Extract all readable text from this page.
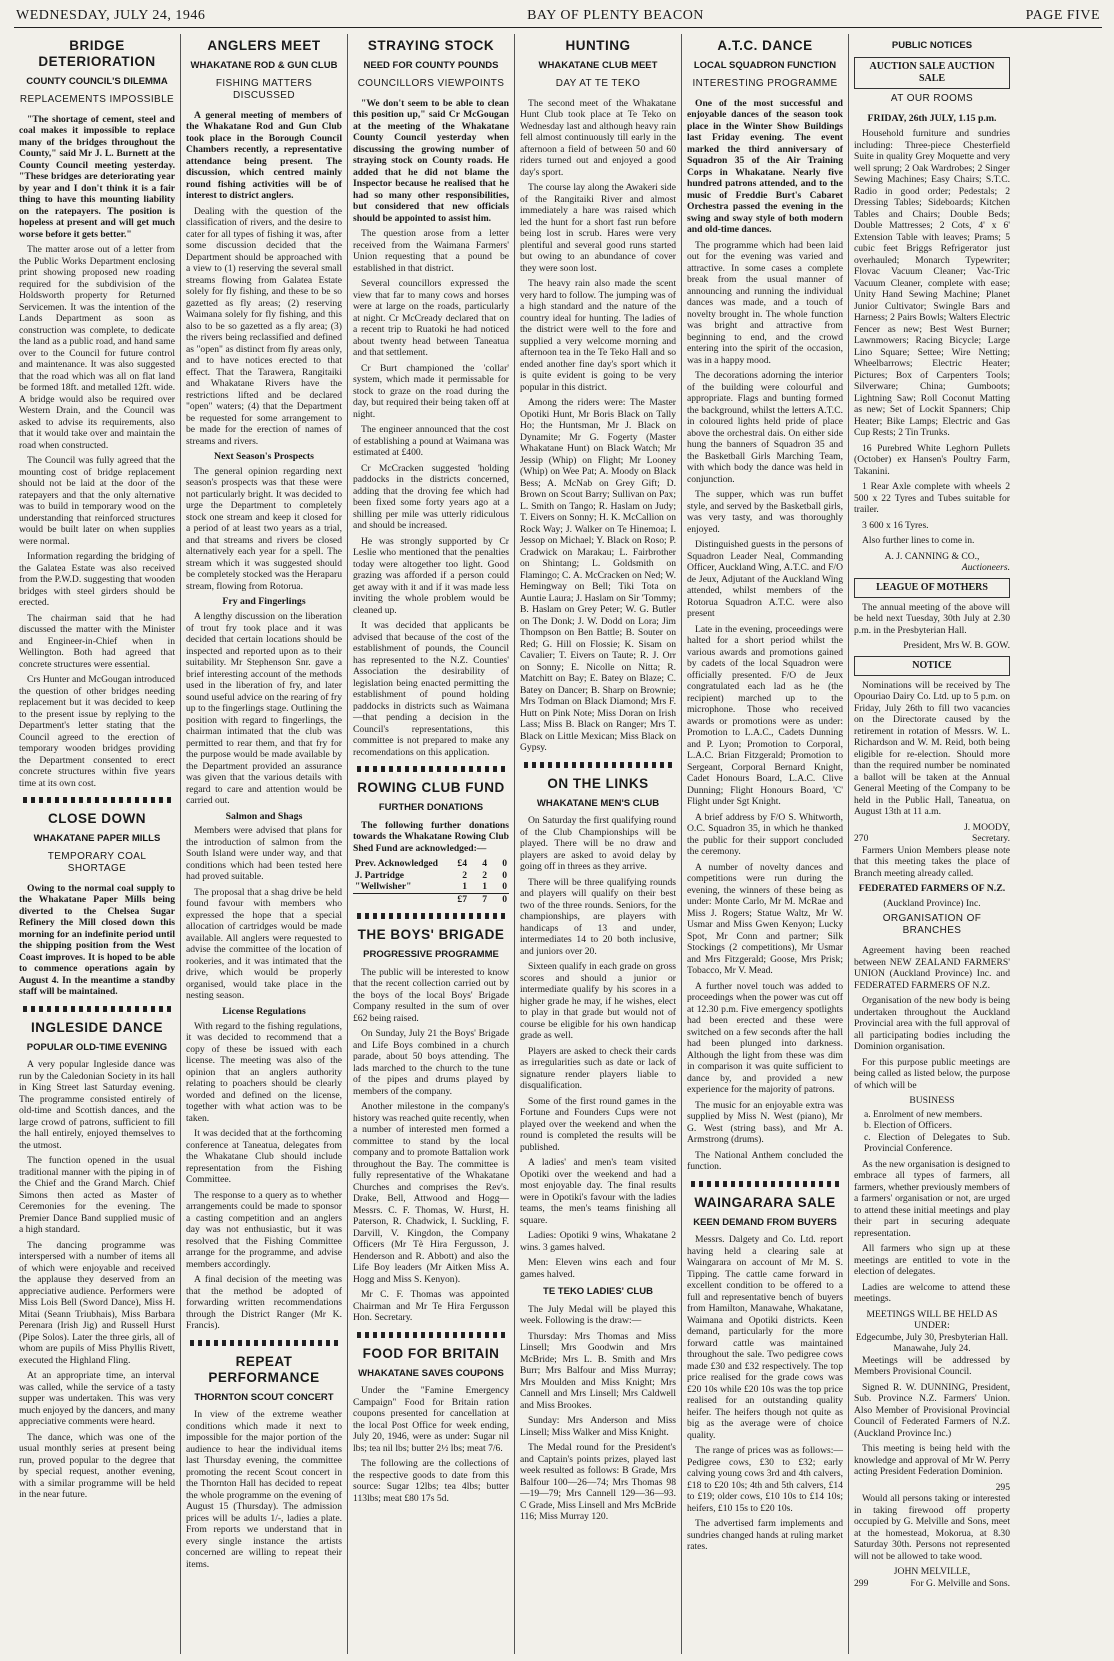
WEDNESDAY, JULY 24, 1946	BAY OF PLENTY BEACON	PAGE FIVE
BRIDGE DETERIORATION
COUNTY COUNCIL'S DILEMMA
REPLACEMENTS IMPOSSIBLE

"The shortage of cement, steel and coal makes it impossible to replace many of the bridges throughout the County," said Mr J. L. Burnett at the County Council meeting yesterday. "These bridges are deteriorating year by year and I don't think it is a fair thing to have this mounting liability on the ratepayers. The position is hopeless at present and will get much worse before it gets better."

The matter arose out of a letter from the Public Works Department enclosing print showing proposed new roading required for the subdivision of the Holdsworth property for Returned Servicemen. It was the intention of the Lands Department as soon as construction was complete, to dedicate the land as a public road, and hand same over to the Council for future control and maintenance. It was also suggested that the road which was all on flat land be formed 18ft. and metalled 12ft. wide. A bridge would also be required over Western Drain, and the Council was asked to advise its requirements, also that it would take over and maintain the road when constructed.

The Council was fully agreed that the mounting cost of bridge replacement should not be laid at the door of the ratepayers and that the only alternative was to build in temporary wood on the understanding that reinforced structures would be built later on when supplies were normal.

Information regarding the bridging of the Galatea Estate was also received from the P.W.D. suggesting that wooden bridges with steel girders should be erected.

The chairman said that he had discussed the matter with the Minister and Engineer-in-Chief when in Wellington. Both had agreed that concrete structures were essential.

Crs Hunter and McGougan introduced the question of other bridges needing replacement but it was decided to keep to the present issue by replying to the Department's letter stating that the Council agreed to the erection of temporary wooden bridges providing the Department consented to erect concrete structures within five years time at its own cost.

CLOSE DOWN
WHAKATANE PAPER MILLS
TEMPORARY COAL SHORTAGE

Owing to the normal coal supply to the Whakatane Paper Mills being diverted to the Chelsea Sugar Refinery the Mill closed down this morning for an indefinite period until the shipping position from the West Coast improves. It is hoped to be able to commence operations again by August 4. In the meantime a standby staff will be maintained.

INGLESIDE DANCE
POPULAR OLD-TIME EVENING

A very popular Ingleside dance was run by the Caledonian Society in its hall in King Street last Saturday evening. The programme consisted entirely of old-time and Scottish dances, and the large crowd of patrons, sufficient to fill the hall entirely, enjoyed themselves to the utmost.

The function opened in the usual traditional manner with the piping in of the Chief and the Grand March. Chief Simons then acted as Master of Ceremonies for the evening. The Premier Dance Band supplied music of a high standard.

The dancing programme was interspersed with a number of items all of which were enjoyable and received the applause they deserved from an appreciative audience. Performers were Miss Lois Bell (Sword Dance), Miss H. Mitai (Seann Triubhais), Miss Barbara Perenara (Irish Jig) and Russell Hurst (Pipe Solos). Later the three girls, all of whom are pupils of Miss Phyllis Rivett, executed the Highland Fling.

At an appropriate time, an interval was called, while the service of a tasty supper was undertaken. This was very much enjoyed by the dancers, and many appreciative comments were heard.

The dance, which was one of the usual monthly series at present being run, proved popular to the degree that by special request, another evening, with a similar programme will be held in the near future.

ANGLERS MEET
WHAKATANE ROD & GUN CLUB
FISHING MATTERS DISCUSSED

A general meeting of members of the Whakatane Rod and Gun Club took place in the Borough Council Chambers recently, a representative attendance being present. The discussion, which centred mainly round fishing activities will be of interest to district anglers.

Dealing with the question of the classification of rivers, and the desire to cater for all types of fishing it was, after some discussion decided that the Department should be approached with a view to (1) reserving the several small streams flowing from Galatea Estate solely for fly fishing, and these to be so gazetted as fly areas; (2) reserving Waimana solely for fly fishing, and this also to be so gazetted as a fly area; (3) the rivers being reclassified and defined as "open" as distinct from fly areas only, and to have notices erected to that effect. That the Tarawera, Rangitaiki and Whakatane Rivers have the restrictions lifted and be declared "open" waters; (4) that the Department be requested for some arrangement to be made for the erection of names of streams and rivers.

Next Season's Prospects

The general opinion regarding next season's prospects was that these were not particularly bright. It was decided to urge the Department to completely stock one stream and keep it closed for a period of at least two years as a trial, and that streams and rivers be closed alternatively each year for a spell. The stream which it was suggested should be completely stocked was the Heraparu stream, flowing from Rotorua.

Fry and Fingerlings

A lengthy discussion on the liberation of trout fry took place and it was decided that certain locations should be inspected and reported upon as to their suitability. Mr Stephenson Snr. gave a brief interesting account of the methods used in the liberation of fry, and later sound useful advice on the rearing of fry up to the fingerlings stage. Outlining the position with regard to fingerlings, the chairman intimated that the club was permitted to rear them, and that fry for the purpose would be made available by the Department provided an assurance was given that the various details with regard to care and attention would be carried out.

Salmon and Shags

Members were advised that plans for the introduction of salmon from the South Island were under way, and that conditions which had been tested here had proved suitable.

The proposal that a shag drive be held found favour with members who expressed the hope that a special allocation of cartridges would be made available. All anglers were requested to advise the committee of the location of rookeries, and it was intimated that the drive, which would be properly organised, would take place in the nesting season.

License Regulations

With regard to the fishing regulations, it was decided to recommend that a copy of these be issued with each license. The meeting was also of the opinion that an anglers authority relating to poachers should be clearly worded and defined on the license, together with what action was to be taken.

It was decided that at the forthcoming conference at Taneatua, delegates from the Whakatane Club should include representation from the Fishing Committee.

The response to a query as to whether arrangements could be made to sponsor a casting competition and an anglers day was not enthusiastic, but it was resolved that the Fishing Committee arrange for the programme, and advise members accordingly.

A final decision of the meeting was that the method be adopted of forwarding written recommendations through the District Ranger (Mr K. Francis).

REPEAT PERFORMANCE
THORNTON SCOUT CONCERT

In view of the extreme weather conditions which made it next to impossible for the major portion of the audience to hear the individual items last Thursday evening, the committee promoting the recent Scout concert in the Thornton Hall has decided to repeat the whole programme on the evening of August 15 (Thursday). The admission prices will be adults 1/-, ladies a plate. From reports we understand that in every single instance the artists concerned are willing to repeat their items.

STRAYING STOCK
NEED FOR COUNTY POUNDS
COUNCILLORS VIEWPOINTS

"We don't seem to be able to clean this position up," said Cr McGougan at the meeting of the Whakatane County Council yesterday when discussing the growing number of straying stock on County roads. He added that he did not blame the Inspector because he realised that he had so many other responsibilities, but considered that new officials should be appointed to assist him.

The question arose from a letter received from the Waimana Farmers' Union requesting that a pound be established in that district.

Several councillors expressed the view that far to many cows and horses were at large on the roads, particularly at night. Cr McCready declared that on a recent trip to Ruatoki he had noticed about twenty head between Taneatua and that settlement.

Cr Burt championed the 'collar' system, which made it permissable for stock to graze on the road during the day, but required their being taken off at night.

The engineer announced that the cost of establishing a pound at Waimana was estimated at £400.

Cr McCracken suggested 'holding paddocks in the districts concerned, adding that the droving fee which had been fixed some forty years ago at a shilling per mile was utterly ridiculous and should be increased.

He was strongly supported by Cr Leslie who mentioned that the penalties today were altogether too light. Good grazing was afforded if a person could get away with it and if it was made less inviting the whole problem would be cleaned up.

It was decided that applicants be advised that because of the cost of the establishment of pounds, the Council has represented to the N.Z. Counties' Association the desirability of legislation being enacted permitting the establishment of pound holding paddocks in districts such as Waimana—that pending a decision in the Council's representations, this committee is not prepared to make any recomendations on this application.

ROWING CLUB FUND
FURTHER DONATIONS

The following further donations towards the Whakatane Rowing Club Shed Fund are acknowledged:—

Prev. Acknowledged	£4	4	0
J. Partridge	2	2	0
"Wellwisher"	1	1	0
	£7	7	0
THE BOYS' BRIGADE
PROGRESSIVE PROGRAMME

The public will be interested to know that the recent collection carried out by the boys of the local Boys' Brigade Company resulted in the sum of over £62 being raised.

On Sunday, July 21 the Boys' Brigade and Life Boys combined in a church parade, about 50 boys attending. The lads marched to the church to the tune of the pipes and drums played by members of the company.

Another milestone in the company's history was reached quite recently, when a number of interested men formed a committee to stand by the local company and to promote Battalion work throughout the Bay. The committee is fully representative of the Whakatane Churches and comprises the Rev's. Drake, Bell, Attwood and Hogg—Messrs. C. F. Thomas, W. Hurst, H. Paterson, R. Chadwick, I. Suckling, F. Darvill, V. Kingdon, the Company Officers (Mr Tè Hira Fergusson, J. Henderson and R. Abbott) and also the Life Boy leaders (Mr Aitken Miss A. Hogg and Miss S. Kenyon).

Mr C. F. Thomas was appointed Chairman and Mr Te Hira Fergusson Hon. Secretary.

FOOD FOR BRITAIN
WHAKATANE SAVES COUPONS

Under the "Famine Emergency Campaign" Food for Britain ration coupons presented for cancellation at the local Post Office for week ending, July 20, 1946, were as under: Sugar nil lbs; tea nil lbs; butter 2½ lbs; meat 7/6.

The following are the collections of the respective goods to date from this source: Sugar 12lbs; tea 4lbs; butter 113lbs; meat £80 17s 5d.

HUNTING
WHAKATANE CLUB MEET
DAY AT TE TEKO

The second meet of the Whakatane Hunt Club took place at Te Teko on Wednesday last and although heavy rain fell almost continuously till early in the afternoon a field of between 50 and 60 riders turned out and enjoyed a good day's sport.

The course lay along the Awakeri side of the Rangitaiki River and almost immediately a hare was raised which led the hunt for a short fast run before being lost in scrub. Hares were very plentiful and several good runs started but owing to an abundance of cover they were soon lost.

The heavy rain also made the scent very hard to follow. The jumping was of a high standard and the nature of the country ideal for hunting. The ladies of the district were well to the fore and supplied a very welcome morning and afternoon tea in the Te Teko Hall and so ended another fine day's sport which it is quite evident is going to be very popular in this district.

Among the riders were: The Master Opotiki Hunt, Mr Boris Black on Tally Ho; the Huntsman, Mr J. Black on Dynamite; Mr G. Fogerty (Master Whakatane Hunt) on Black Watch; Mr Jessip (Whip) on Flight; Mr Looney (Whip) on Wee Pat; A. Moody on Black Bess; A. McNab on Grey Gift; D. Brown on Scout Barry; Sullivan on Pax; L. Smith on Tango; R. Haslam on Judy; T. Eivers on Sonny; H. K. McCallion on Rock Way; J. Walker on Te Hinemoa; I. Jessop on Michael; Y. Black on Roso; P. Cradwick on Marakau; L. Fairbrother on Shintang; L. Goldsmith on Flamingo; C. A. McCracken on Ned; W. Hemingway on Bell; Tiki Tota on Auntie Laura; J. Haslam on Sir 'Tommy; B. Haslam on Grey Peter; W. G. Butler on The Donk; J. W. Dodd on Lora; Jim Thompson on Ben Battle; B. Souter on Red; G. Hill on Flossie; K. Sisam on Cavalier; T. Eivers on Taute; R. J. Orr on Sonny; E. Nicolle on Nitta; R. Matchitt on Bay; E. Batey on Blaze; C. Batey on Dancer; B. Sharp on Brownie; Mrs Todman on Black Diamond; Mrs F. Hutt on Pink Note; Miss Doran on Irish Lass; Miss B. Black on Ranger; Mrs T. Black on Little Mexican; Miss Black on Gypsy.

ON THE LINKS
WHAKATANE MEN'S CLUB

On Saturday the first qualifying round of the Club Championships will be played. There will be no draw and players are asked to avoid delay by going off in threes as they arrive.

There will be three qualifying rounds and players will qualify on their best two of the three rounds. Seniors, for the championships, are players with handicaps of 13 and under, intermediates 14 to 20 both inclusive, and juniors over 20.

Sixteen qualify in each grade on gross scores and should a junior or intermediate qualify by his scores in a higher grade he may, if he wishes, elect to play in that grade but would not of course be eligible for his own handicap grade as well.

Players are asked to check their cards as irregularities such as date or lack of signature render players liable to disqualification.

Some of the first round games in the Fortune and Founders Cups were not played over the weekend and when the round is completed the results will be published.

A ladies' and men's team visited Opotiki over the weekend and had a most enjoyable day. The final results were in Opotiki's favour with the ladies teams, the men's teams finishing all square.

Ladies: Opotiki 9 wins, Whakatane 2 wins. 3 games halved.

Men: Eleven wins each and four games halved.

TE TEKO LADIES' CLUB

The July Medal will be played this week. Following is the draw:—

Thursday: Mrs Thomas and Miss Linsell; Mrs Goodwin and Mrs McBride; Mrs L. B. Smith and Mrs Burr; Mrs Balfour and Miss Murray; Mrs Moulden and Miss Knight; Mrs Cannell and Mrs Linsell; Mrs Caldwell and Miss Brookes.

Sunday: Mrs Anderson and Miss Linsell; Miss Walker and Miss Knight.

The Medal round for the President's and Captain's points prizes, played last week resulted as follows: B Grade, Mrs Balfour 100—26—74; Mrs Thomas 98—19—79; Mrs Cannell 129—36—93. C Grade, Miss Linsell and Mrs McBride 116; Miss Murray 120.

A.T.C. DANCE
LOCAL SQUADRON FUNCTION
INTERESTING PROGRAMME

One of the most successful and enjoyable dances of the season took place in the Winter Show Buildings last Friday evening. The event marked the third anniversary of Squadron 35 of the Air Training Corps in Whakatane. Nearly five hundred patrons attended, and to the music of Freddie Burt's Cabaret Orchestra passed the evening in the swing and sway style of both modern and old-time dances.

The programme which had been laid out for the evening was varied and attractive. In some cases a complete break from the usual manner of announcing and running the individual dances was made, and a touch of novelty brought in. The whole function was bright and attractive from beginning to end, and the crowd entering into the spirit of the occasion, was in a happy mood.

The decorations adorning the interior of the building were colourful and appropriate. Flags and bunting formed the background, whilst the letters A.T.C. in coloured lights held pride of place above the orchestral dais. On either side hung the banners of Squadron 35 and the Basketball Girls Marching Team, with which body the dance was held in conjunction.

The supper, which was run buffet style, and served by the Basketball girls, was very tasty, and was thoroughly enjoyed.

Distinguished guests in the persons of Squadron Leader Neal, Commanding Officer, Auckland Wing, A.T.C. and F/O de Jeux, Adjutant of the Auckland Wing attended, whilst members of the Rotorua Squadron A.T.C. were also present

Late in the evening, proceedings were halted for a short period whilst the various awards and promotions gained by cadets of the local Squadron were officially presented. F/O de Jeux congratulated each lad as he (the recipient) marched up to the microphone. Those who received awards or promotions were as under: Promotion to L.A.C., Cadets Dunning and P. Lyon; Promotion to Corporal, L.A.C. Brian Fitzgerald; Promotion to Sergeant, Corporal Bernard Knight, Cadet Honours Board, L.A.C. Clive Dunning; Flight Honours Board, 'C' Flight under Sgt Knight.

A brief address by F/O S. Whitworth, O.C. Squadron 35, in which he thanked the public for their support concluded the ceremony.

A number of novelty dances and competitions were run during the evening, the winners of these being as under: Monte Carlo, Mr M. McRae and Miss J. Rogers; Statue Waltz, Mr W. Usmar and Miss Gwen Kenyon; Lucky Spot, Mr Conn and partner; Silk Stockings (2 competitions), Mr Usmar and Mrs Fitzgerald; Goose, Mrs Prisk; Tobacco, Mr V. Mead.

A further novel touch was added to proceedings when the power was cut off at 12.30 p.m. Five emergency spotlights had been erected and these were switched on a few seconds after the hall had been plunged into darkness. Although the light from these was dim in comparison it was quite sufficient to dance by, and provided a new experience for the majority of patrons.

The music for an enjoyable extra was supplied by Miss N. West (piano), Mr G. West (string bass), and Mr A. Armstrong (drums).

The National Anthem concluded the function.

WAINGARARA SALE
KEEN DEMAND FROM BUYERS

Messrs. Dalgety and Co. Ltd. report having held a clearing sale at Waingarara on account of Mr M. S. Tipping. The cattle came forward in excellent condition to be offered to a full and representative bench of buyers from Hamilton, Manawahe, Whakatane, Waimana and Opotiki districts. Keen demand, particularly for the more forward cattle was maintained throughout the sale. Two pedigree cows made £30 and £32 respectively. The top price realised for the grade cows was £20 10s while £20 10s was the top price realised for an outstanding quality heifer. The heifers though not quite as big as the average were of choice quality.

The range of prices was as follows:—Pedigree cows, £30 to £32; early calving young cows 3rd and 4th calvers, £18 to £20 10s; 4th and 5th calvers, £14 to £19; older cows, £10 10s to £14 10s; heifers, £10 15s to £20 10s.

The advertised farm implements and sundries changed hands at ruling market rates.

PUBLIC NOTICES
AUCTION SALE AUCTION SALE
AT OUR ROOMS
FRIDAY, 26th JULY, 1.15 p.m.

Household furniture and sundries including: Three-piece Chesterfield Suite in quality Grey Moquette and very well sprung; 2 Oak Wardrobes; 2 Singer Sewing Machines; Easy Chairs; S.T.C. Radio in good order; Pedestals; 2 Dressing Tables; Sideboards; Kitchen Tables and Chairs; Double Beds; Double Mattresses; 2 Cots, 4' x 6' Extension Table with leaves; Prams; 5 cubic feet Briggs Refrigerator just overhauled; Monarch Typewriter; Flovac Vacuum Cleaner; Vac-Tric Vacuum Cleaner, complete with ease; Unity Hand Sewing Machine; Planet Junior Cultivator; Swingle Bars and Harness; 2 Pairs Bowls; Walters Electric Fencer as new; Best West Burner; Lawnmowers; Racing Bicycle; Large Lino Square; Settee; Wire Netting; Wheelbarrows; Electric Heater; Pictures; Box of Carpenters Tools; Silverware; China; Gumboots; Lightning Saw; Roll Coconut Matting as new; Set of Lockit Spanners; Chip Heater; Bike Lamps; Electric and Gas Cup Rests; 2 Tin Trunks.

16 Purebred White Leghorn Pullets (October) ex Hansen's Poultry Farm, Takanini.

1 Rear Axle complete with wheels 2 500 x 22 Tyres and Tubes suitable for trailer.

3 600 x 16 Tyres.

Also further lines to come in.

A. J. CANNING & CO.,
Auctioneers.
LEAGUE OF MOTHERS

The annual meeting of the above will be held next Tuesday, 30th July at 2.30 p.m. in the Presbyterian Hall.

President, Mrs W. B. GOW.
NOTICE

Nominations will be received by The Opouriao Dairy Co. Ltd. up to 5 p.m. on Friday, July 26th to fill two vacancies on the Directorate caused by the retirement in rotation of Messrs. W. L. Richardson and W. M. Reid, both being eligible for re-election. Should more than the required number be nominated a ballot will be taken at the Annual General Meeting of the Company to be held in the Public Hall, Taneatua, on August 13th at 11 a.m.

J. MOODY,
270	Secretary.

Farmers Union Members please note that this meeting takes the place of Branch meeting already called.

FEDERATED FARMERS OF N.Z.
(Auckland Province) Inc.
ORGANISATION OF BRANCHES

Agreement having been reached between NEW ZEALAND FARMERS' UNION (Auckland Province) Inc. and FEDERATED FARMERS OF N.Z.

Organisation of the new body is being undertaken throughout the Auckland Provincial area with the full approval of all participating bodies including the Dominion organisation.

For this purpose public meetings are being called as listed below, the purpose of which will be

BUSINESS
a. Enrolment of new members.
b. Election of Officers.
c. Election of Delegates to Sub. Provincial Conference.

As the new organisation is designed to embrace all types of farmers, all farmers, whether previously members of a farmers' organisation or not, are urged to attend these initial meetings and play their part in securing adequate representation.

All farmers who sign up at these meetings are entitled to vote in the election of delegates.

Ladies are welcome to attend these meetings.

MEETINGS WILL BE HELD AS UNDER:
Edgecumbe, July 30, Presbyterian Hall.
Manawahe, July 24.

Meetings will be addressed by Members Provisional Council.

Signed R. W. DUNNING, President, Sub. Province N.Z. Farmers' Union. Also Member of Provisional Provincial Council of Federated Farmers of N.Z. (Auckland Province Inc.)

This meeting is being held with the knowledge and approval of Mr W. Perry acting President Federation Dominion.

295

Would all persons taking or interested in taking firewood off property occupied by G. Melville and Sons, meet at the homestead, Mokorua, at 8.30 Saturday 30th. Persons not represented will not be allowed to take wood.

JOHN MELVILLE,
299	For G. Melville and Sons.
